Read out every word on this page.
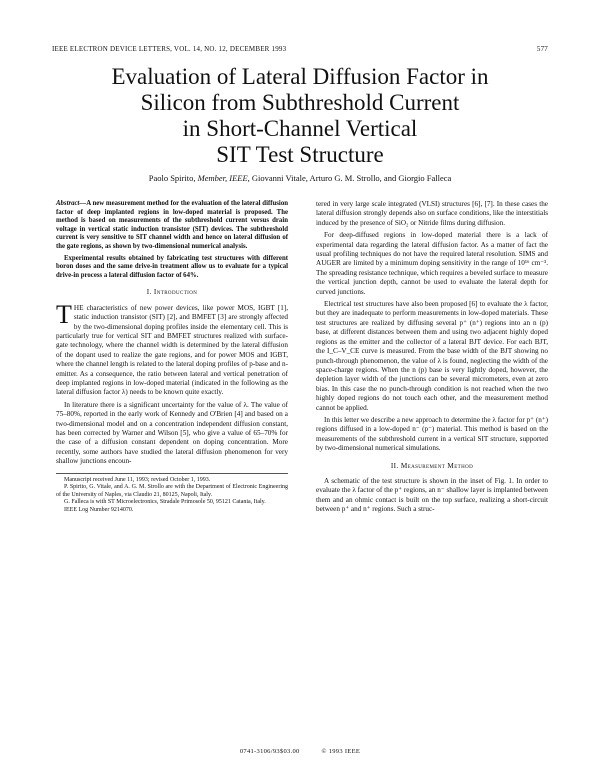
IEEE ELECTRON DEVICE LETTERS, VOL. 14, NO. 12, DECEMBER 1993	577
Evaluation of Lateral Diffusion Factor in
Silicon from Subthreshold Current
in Short-Channel Vertical
SIT Test Structure
Paolo Spirito, Member, IEEE, Giovanni Vitale, Arturo G. M. Strollo, and Giorgio Falleca

Abstract—A new measurement method for the evaluation of the lateral diffusion factor of deep implanted regions in low-doped material is proposed. The method is based on measurements of the subthreshold current versus drain voltage in vertical static induction transistor (SIT) devices. The subthreshold current is very sensitive to SIT channel width and hence on lateral diffusion of the gate regions, as shown by two-dimensional numerical analysis.

Experimental results obtained by fabricating test structures with different boron doses and the same drive-in treatment allow us to evaluate for a typical drive-in process a lateral diffusion factor of 64%.

I. Introduction

THE characteristics of new power devices, like power MOS, IGBT [1], static induction transistor (SIT) [2], and BMFET [3] are strongly affected by the two-dimensional doping profiles inside the elementary cell. This is particularly true for vertical SIT and BMFET structures realized with surface-gate technology, where the channel width is determined by the lateral diffusion of the dopant used to realize the gate regions, and for power MOS and IGBT, where the channel length is related to the lateral doping profiles of p-base and n-emitter. As a consequence, the ratio between lateral and vertical penetration of deep implanted regions in low-doped material (indicated in the following as the lateral diffusion factor λ) needs to be known quite exactly.

In literature there is a significant uncertainty for the value of λ. The value of 75–80%, reported in the early work of Kennedy and O'Brien [4] and based on a two-dimensional model and on a concentration independent diffusion constant, has been corrected by Warner and Wilson [5], who give a value of 65–70% for the case of a diffusion constant dependent on doping concentration. More recently, some authors have studied the lateral diffusion phenomenon for very shallow junctions encoun-

Manuscript received June 11, 1993; revised October 1, 1993.

P. Spirito, G. Vitale, and A. G. M. Strollo are with the Department of Electronic Engineering of the University of Naples, via Claudio 21, 80125, Napoli, Italy.

G. Falleca is with ST Microelectronics, Stradale Primosole 50, 95121 Catania, Italy.

IEEE Log Number 9214070.

tered in very large scale integrated (VLSI) structures [6], [7]. In these cases the lateral diffusion strongly depends also on surface conditions, like the interstitials induced by the presence of SiO₂ or Nitride films during diffusion.

For deep-diffused regions in low-doped material there is a lack of experimental data regarding the lateral diffusion factor. As a matter of fact the usual profiling techniques do not have the required lateral resolution. SIMS and AUGER are limited by a minimum doping sensitivity in the range of 10¹⁶ cm⁻³. The spreading resistance technique, which requires a beveled surface to measure the vertical junction depth, cannot be used to evaluate the lateral depth for curved junctions.

Electrical test structures have also been proposed [6] to evaluate the λ factor, but they are inadequate to perform measurements in low-doped materials. These test structures are realized by diffusing several p⁺ (n⁺) regions into an n (p) base, at different distances between them and using two adjacent highly doped regions as the emitter and the collector of a lateral BJT device. For each BJT, the I_C–V_CE curve is measured. From the base width of the BJT showing no punch-through phenomenon, the value of λ is found, neglecting the width of the space-charge regions. When the n (p) base is very lightly doped, however, the depletion layer width of the junctions can be several micrometers, even at zero bias. In this case the no punch-through condition is not reached when the two highly doped regions do not touch each other, and the measurement method cannot be applied.

In this letter we describe a new approach to determine the λ factor for p⁺ (n⁺) regions diffused in a low-doped n⁻ (p⁻) material. This method is based on the measurements of the subthreshold current in a vertical SIT structure, supported by two-dimensional numerical simulations.

II. Measurement Method

A schematic of the test structure is shown in the inset of Fig. 1. In order to evaluate the λ factor of the p⁺ regions, an n⁻ shallow layer is implanted between them and an ohmic contact is built on the top surface, realizing a short-circuit between p⁺ and n⁺ regions. Such a struc-

0741-3106/93$03.00	© 1993 IEEE
